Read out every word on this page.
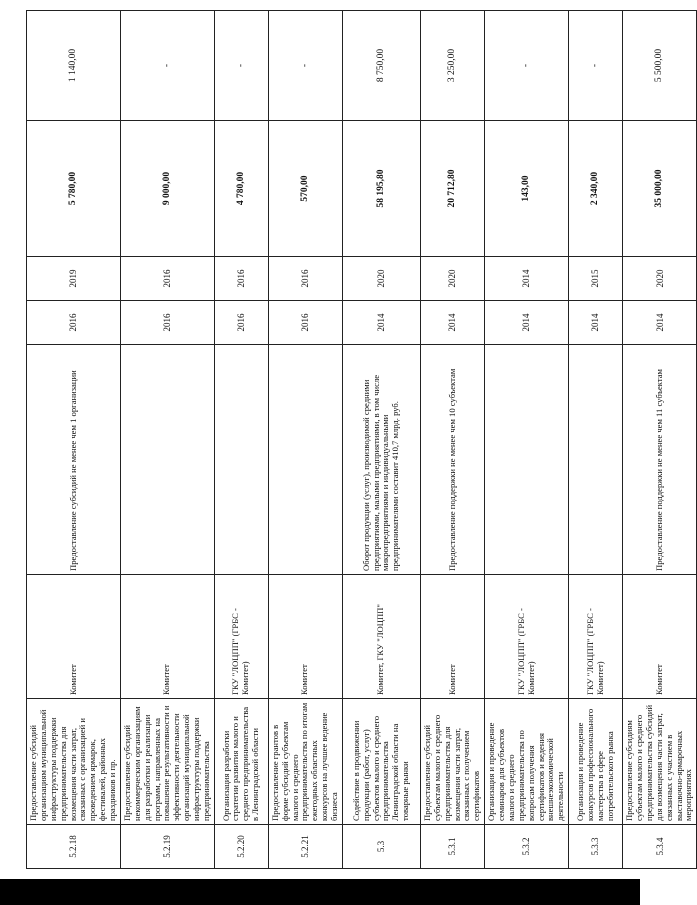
5.2.18	Предоставление субсидий организациям муниципальной инфраструктуры поддержки предпринимательства для возмещения части затрат, связанных с организацией и проведением ярмарок, фестивалей, районных праздников и пр.	Комитет	Предоставление субсидий не менее чем 1 организации	2016	2019	5 780,00	1 140,00
5.2.19	Предоставление субсидий некоммерческим организациям для разработки и реализации программ, направленных на повышение результативности и эффективности деятельности организаций муниципальной инфраструктуры поддержки предпринимательства	Комитет		2016	2016	9 000,00	-
5.2.20	Организация разработки стратегии развития малого и среднего предпринимательства в Ленинградской области	ГКУ "ЛОЦПП" (ГРБС - Комитет)		2016	2016	4 780,00	-
5.2.21	Предоставление грантов в форме субсидий субъектам малого и среднего предпринимательства по итогам ежегодных областных конкурсов на лучшее ведение бизнеса	Комитет		2016	2016	570,00	-
5.3	Содействие в продвижении продукции (работ, услуг) субъектов малого и среднего предпринимательства Ленинградской области на товарные рынки	Комитет, ГКУ "ЛОЦПП"	Оборот продукции (услуг), производимой средними предприятиями, малыми предприятиями, в том числе микропредприятиями и индивидуальными предпринимателями составит 410,7 млрд. руб.	2014	2020	58 195,80	8 750,00
5.3.1	Предоставление субсидий субъектам малого и среднего предпринимательства для возмещения части затрат, связанных с получением сертификатов	Комитет	Предоставление поддержки не менее чем 10 субъектам	2014	2020	20 712,80	3 250,00
5.3.2	Организация и проведение семинаров для субъектов малого и среднего предпринимательства по вопросам получения сертификатов и ведения внешнеэкономической деятельности	ГКУ "ЛОЦПП" (ГРБС - Комитет)		2014	2014	143,00	-
5.3.3	Организация и проведение конкурсов профессионального мастерства в сфере потребительского рынка	ГКУ "ЛОЦПП" (ГРБС - Комитет)		2014	2015	2 340,00	-
5.3.4	Предоставление субсидиям субъектам малого и среднего предпринимательства субсидий для возмещения части затрат, связанных с участием в выставочно-ярмарочных мероприятиях	Комитет	Предоставление поддержки не менее чем 11 субъектам	2014	2020	35 000,00	5 500,00
